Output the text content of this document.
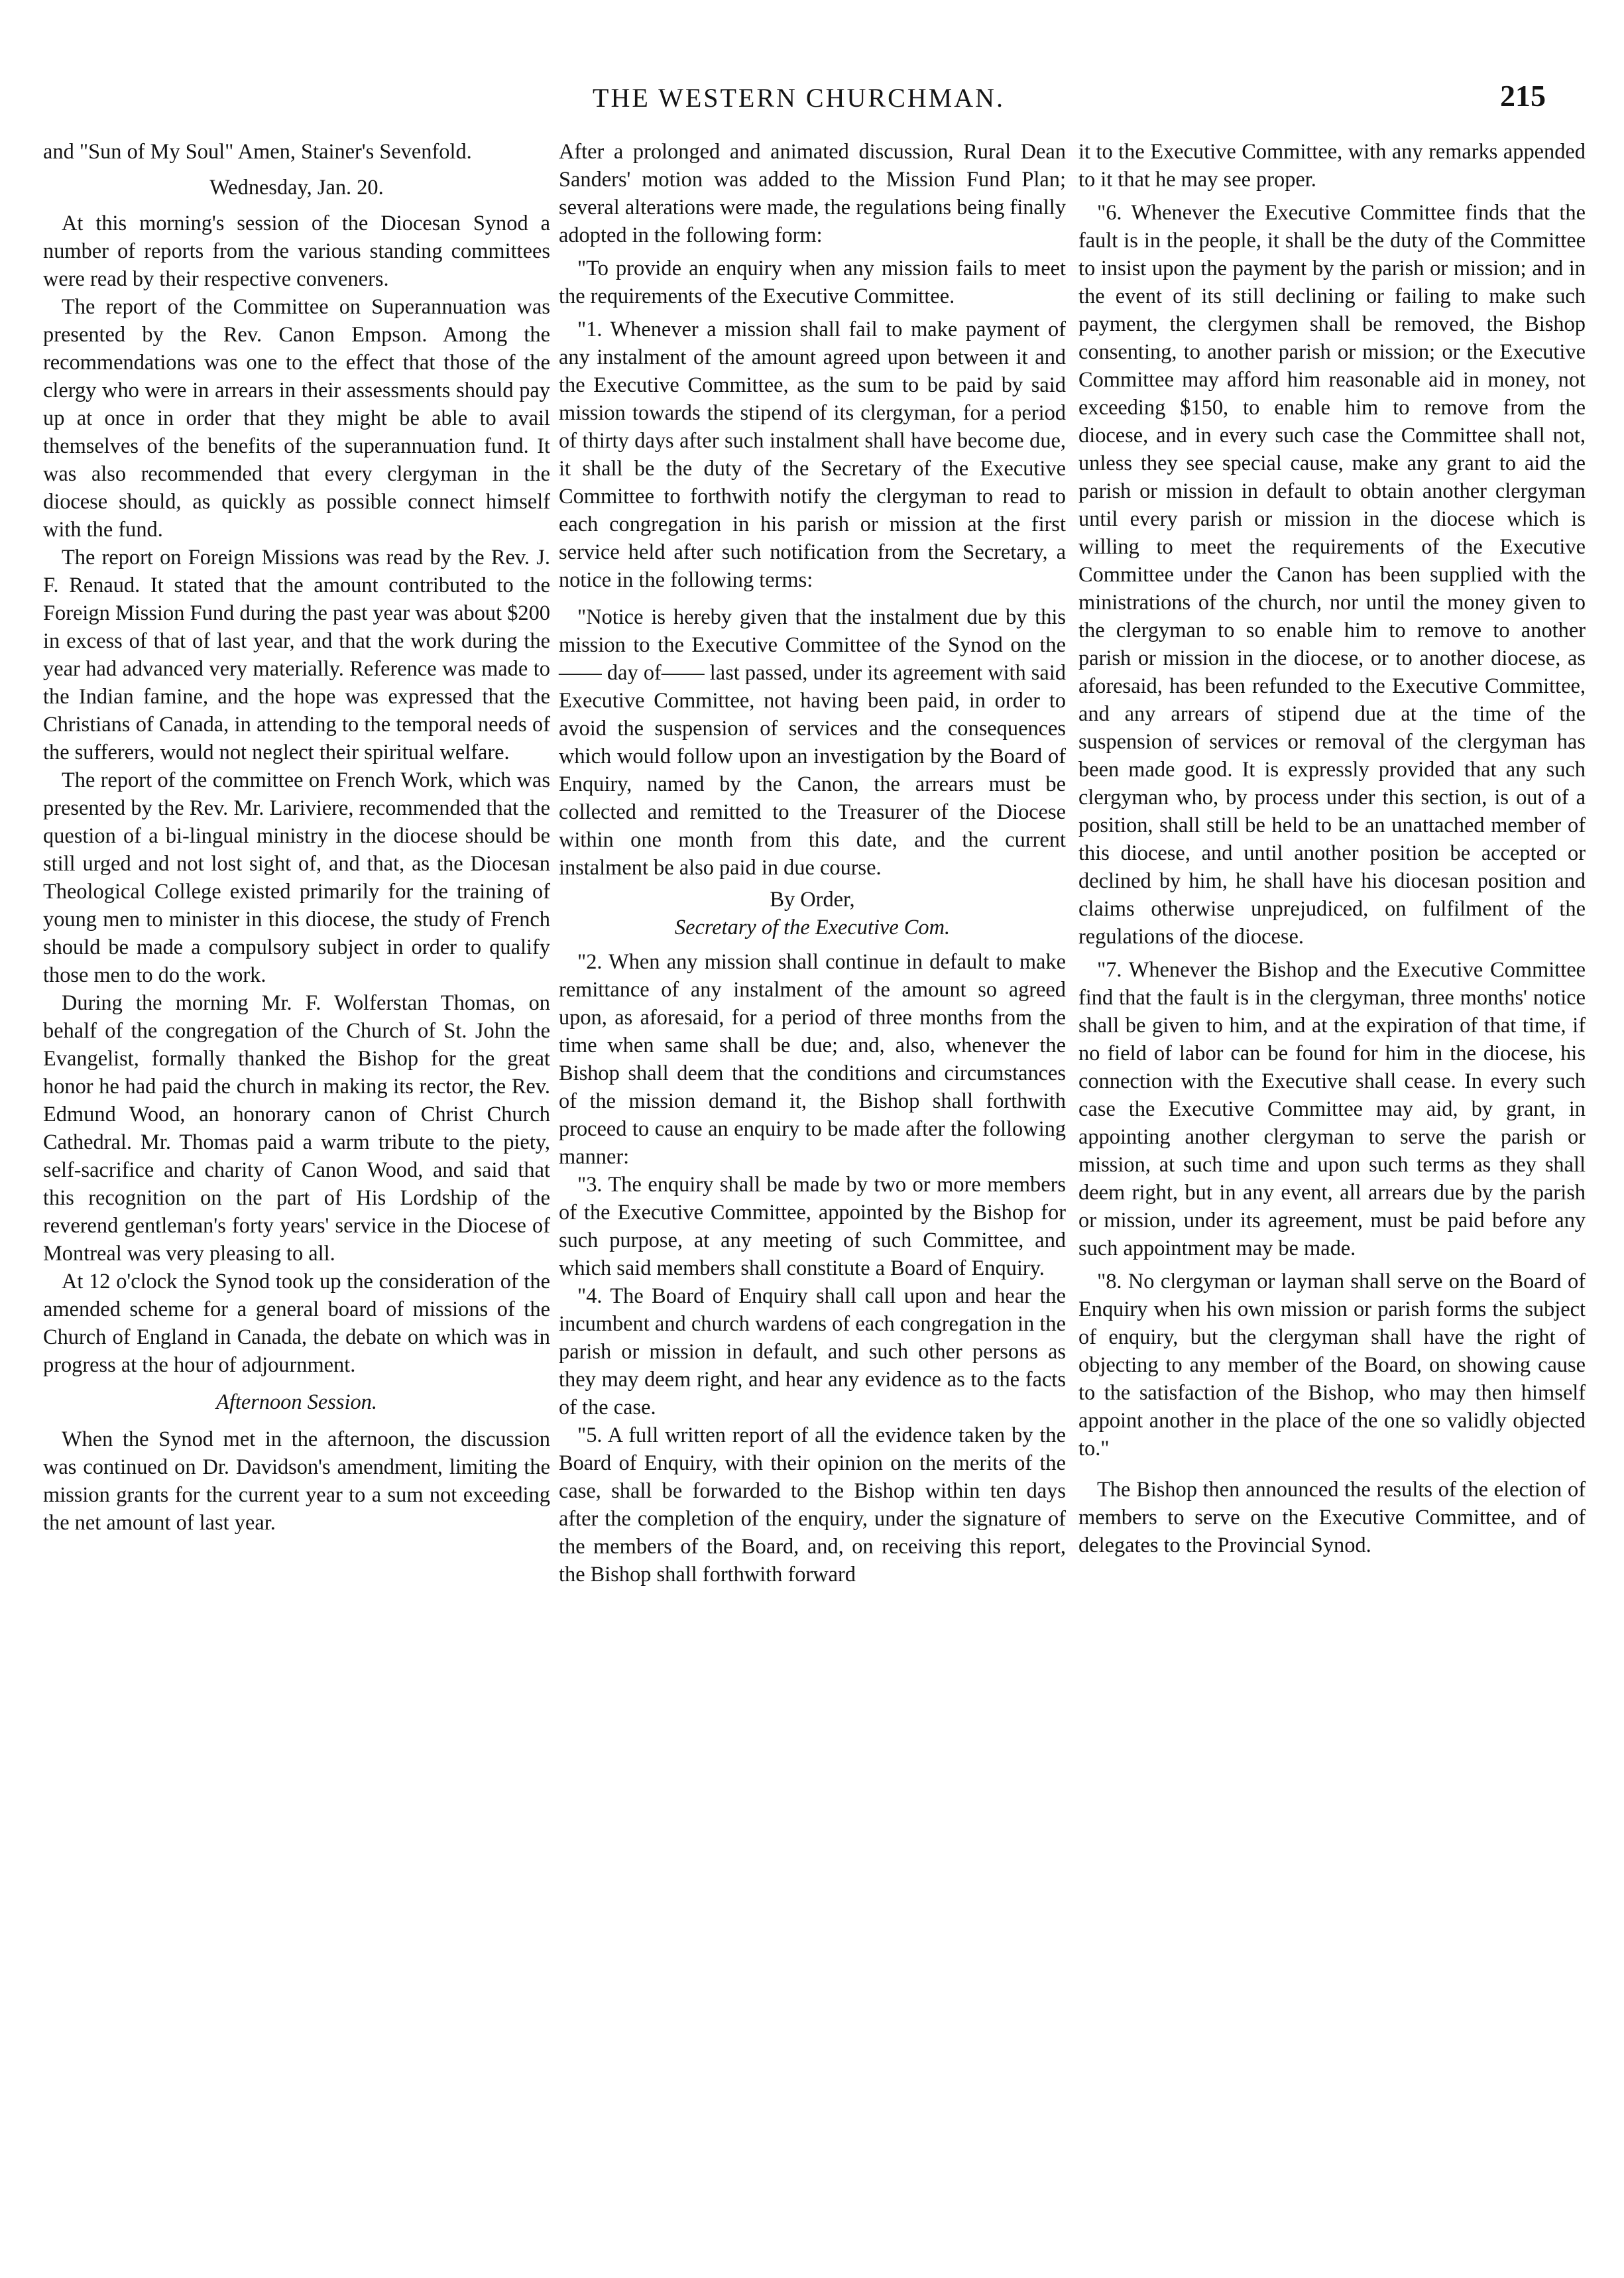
THE WESTERN CHURCHMAN.	215

and "Sun of My Soul" Amen, Stainer's Sevenfold.

Wednesday, Jan. 20.

At this morning's session of the Diocesan Synod a number of reports from the various standing committees were read by their respective conveners.

The report of the Committee on Superannuation was presented by the Rev. Canon Empson. Among the recommendations was one to the effect that those of the clergy who were in arrears in their assessments should pay up at once in order that they might be able to avail themselves of the benefits of the superannuation fund. It was also recommended that every clergyman in the diocese should, as quickly as possible connect himself with the fund.

The report on Foreign Missions was read by the Rev. J. F. Renaud. It stated that the amount contributed to the Foreign Mission Fund during the past year was about $200 in excess of that of last year, and that the work during the year had advanced very materially. Reference was made to the Indian famine, and the hope was expressed that the Christians of Canada, in attending to the temporal needs of the sufferers, would not neglect their spiritual welfare.

The report of the committee on French Work, which was presented by the Rev. Mr. Lariviere, recommended that the question of a bi-lingual ministry in the diocese should be still urged and not lost sight of, and that, as the Diocesan Theological College existed primarily for the training of young men to minister in this diocese, the study of French should be made a compulsory subject in order to qualify those men to do the work.

During the morning Mr. F. Wolferstan Thomas, on behalf of the congregation of the Church of St. John the Evangelist, formally thanked the Bishop for the great honor he had paid the church in making its rector, the Rev. Edmund Wood, an honorary canon of Christ Church Cathedral. Mr. Thomas paid a warm tribute to the piety, self-sacrifice and charity of Canon Wood, and said that this recognition on the part of His Lordship of the reverend gentleman's forty years' service in the Diocese of Montreal was very pleasing to all.

At 12 o'clock the Synod took up the consideration of the amended scheme for a general board of missions of the Church of England in Canada, the debate on which was in progress at the hour of adjournment.

Afternoon Session.

When the Synod met in the afternoon, the discussion was continued on Dr. Davidson's amendment, limiting the mission grants for the current year to a sum not exceeding the net amount of last year.

After a prolonged and animated discussion, Rural Dean Sanders' motion was added to the Mission Fund Plan; several alterations were made, the regulations being finally adopted in the following form:

"To provide an enquiry when any mission fails to meet the requirements of the Executive Committee.

"1. Whenever a mission shall fail to make payment of any instalment of the amount agreed upon between it and the Executive Committee, as the sum to be paid by said mission towards the stipend of its clergyman, for a period of thirty days after such instalment shall have become due, it shall be the duty of the Secretary of the Executive Committee to forthwith notify the clergyman to read to each congregation in his parish or mission at the first service held after such notification from the Secretary, a notice in the following terms:

"Notice is hereby given that the instalment due by this mission to the Executive Committee of the Synod on the —— day of—— last passed, under its agreement with said Executive Committee, not having been paid, in order to avoid the suspension of services and the consequences which would follow upon an investigation by the Board of Enquiry, named by the Canon, the arrears must be collected and remitted to the Treasurer of the Diocese within one month from this date, and the current instalment be also paid in due course.

By Order,

Secretary of the Executive Com.

"2. When any mission shall continue in default to make remittance of any instalment of the amount so agreed upon, as aforesaid, for a period of three months from the time when same shall be due; and, also, whenever the Bishop shall deem that the conditions and circumstances of the mission demand it, the Bishop shall forthwith proceed to cause an enquiry to be made after the following manner:

"3. The enquiry shall be made by two or more members of the Executive Committee, appointed by the Bishop for such purpose, at any meeting of such Committee, and which said members shall constitute a Board of Enquiry.

"4. The Board of Enquiry shall call upon and hear the incumbent and church wardens of each congregation in the parish or mission in default, and such other persons as they may deem right, and hear any evidence as to the facts of the case.

"5. A full written report of all the evidence taken by the Board of Enquiry, with their opinion on the merits of the case, shall be forwarded to the Bishop within ten days after the completion of the enquiry, under the signature of the members of the Board, and, on receiving this report, the Bishop shall forthwith forward

it to the Executive Committee, with any remarks appended to it that he may see proper.

"6. Whenever the Executive Committee finds that the fault is in the people, it shall be the duty of the Committee to insist upon the payment by the parish or mission; and in the event of its still declining or failing to make such payment, the clergymen shall be removed, the Bishop consenting, to another parish or mission; or the Executive Committee may afford him reasonable aid in money, not exceeding $150, to enable him to remove from the diocese, and in every such case the Committee shall not, unless they see special cause, make any grant to aid the parish or mission in default to obtain another clergyman until every parish or mission in the diocese which is willing to meet the requirements of the Executive Committee under the Canon has been supplied with the ministrations of the church, nor until the money given to the clergyman to so enable him to remove to another parish or mission in the diocese, or to another diocese, as aforesaid, has been refunded to the Executive Committee, and any arrears of stipend due at the time of the suspension of services or removal of the clergyman has been made good. It is expressly provided that any such clergyman who, by process under this section, is out of a position, shall still be held to be an unattached member of this diocese, and until another position be accepted or declined by him, he shall have his diocesan position and claims otherwise unprejudiced, on fulfilment of the regulations of the diocese.

"7. Whenever the Bishop and the Executive Committee find that the fault is in the clergyman, three months' notice shall be given to him, and at the expiration of that time, if no field of labor can be found for him in the diocese, his connection with the Executive shall cease. In every such case the Executive Committee may aid, by grant, in appointing another clergyman to serve the parish or mission, at such time and upon such terms as they shall deem right, but in any event, all arrears due by the parish or mission, under its agreement, must be paid before any such appointment may be made.

"8. No clergyman or layman shall serve on the Board of Enquiry when his own mission or parish forms the subject of enquiry, but the clergyman shall have the right of objecting to any member of the Board, on showing cause to the satisfaction of the Bishop, who may then himself appoint another in the place of the one so validly objected to."

The Bishop then announced the results of the election of members to serve on the Executive Committee, and of delegates to the Provincial Synod.
